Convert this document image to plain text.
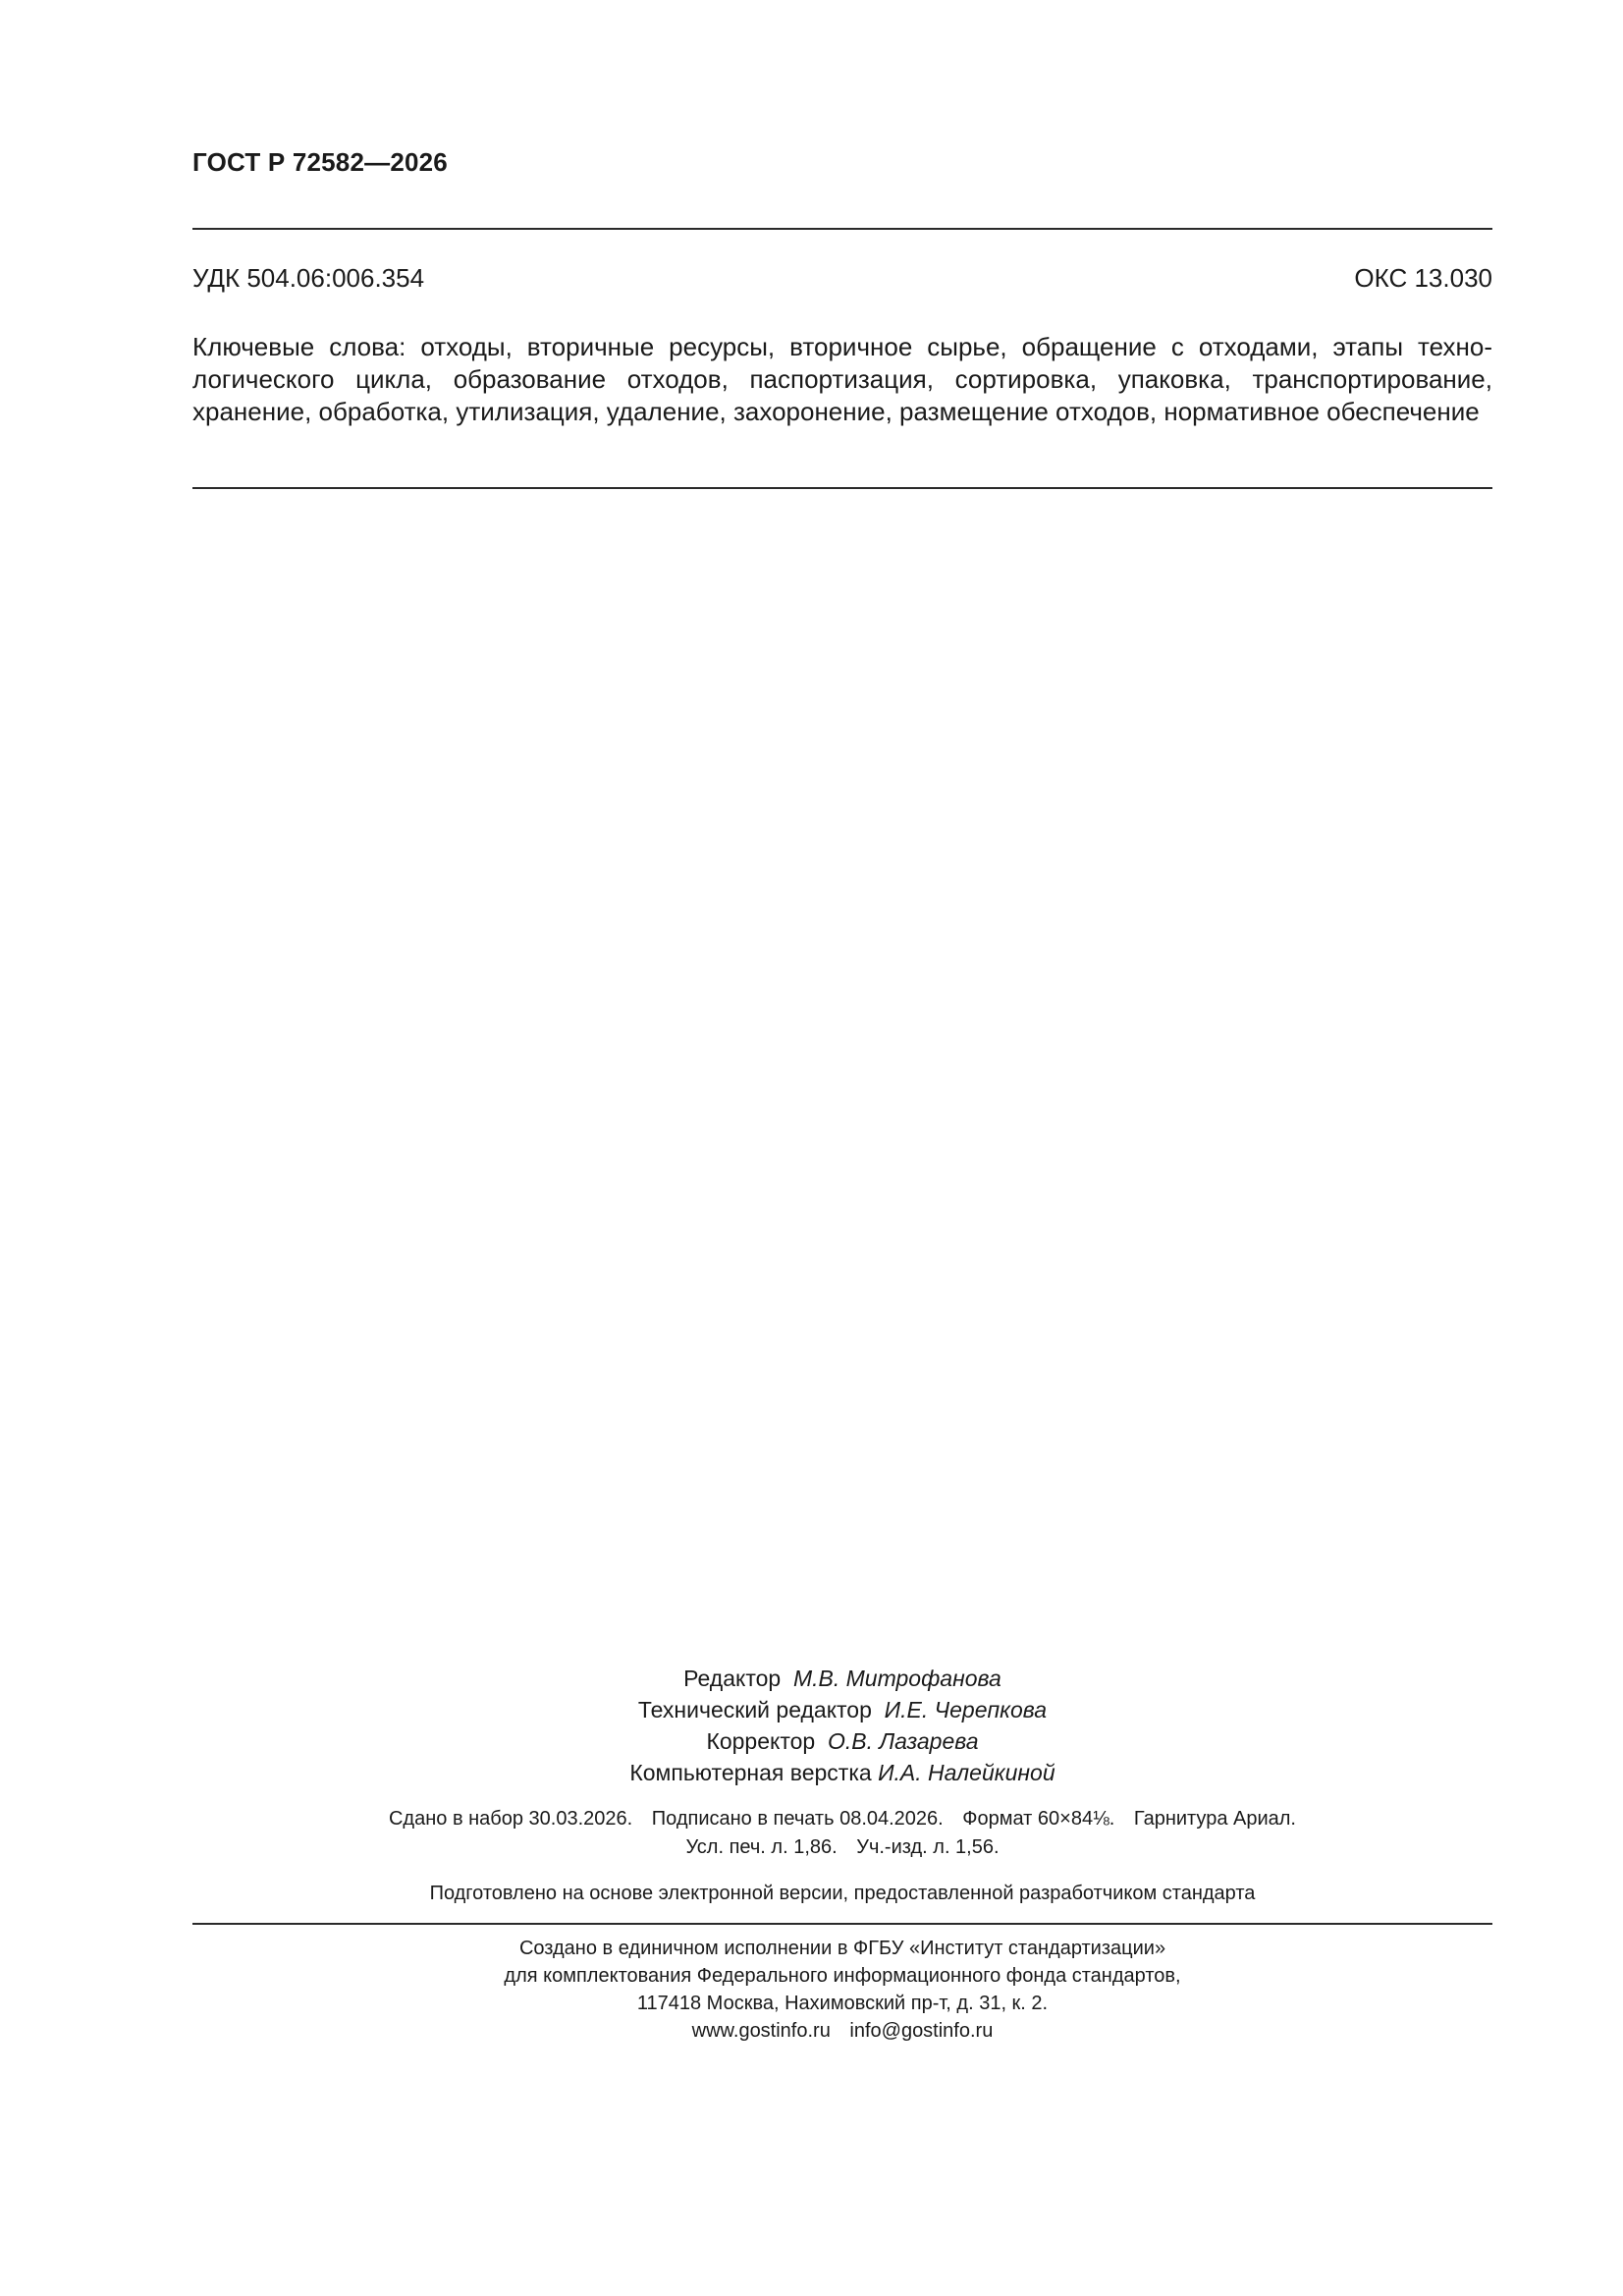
ГОСТ Р 72582—2026
УДК 504.06:006.354	ОКС 13.030
Ключевые слова: отходы, вторичные ресурсы, вторичное сырье, обращение с отходами, этапы технологического цикла, образование отходов, паспортизация, сортировка, упаковка, транспортирование, хранение, обработка, утилизация, удаление, захоронение, размещение отходов, нормативное обеспечение
Редактор М.В. Митрофанова
Технический редактор И.Е. Черепкова
Корректор О.В. Лазарева
Компьютерная верстка И.А. Налейкиной
Сдано в набор 30.03.2026. Подписано в печать 08.04.2026. Формат 60×84⅛. Гарнитура Ариал.
Усл. печ. л. 1,86. Уч.-изд. л. 1,56.
Подготовлено на основе электронной версии, предоставленной разработчиком стандарта
Создано в единичном исполнении в ФГБУ «Институт стандартизации»
для комплектования Федерального информационного фонда стандартов,
117418 Москва, Нахимовский пр-т, д. 31, к. 2.
www.gostinfo.ru info@gostinfo.ru
